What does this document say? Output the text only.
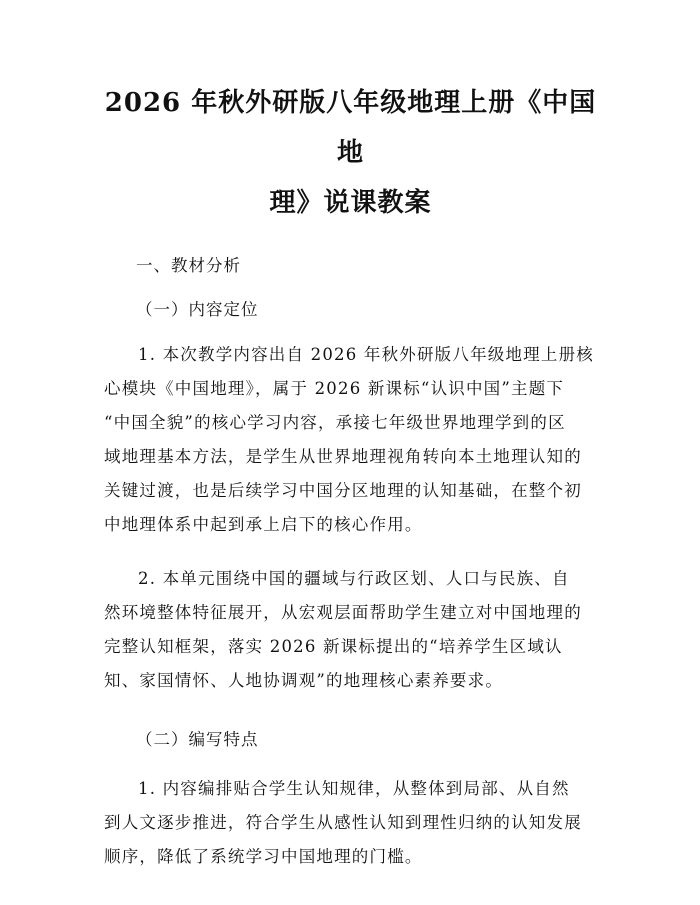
2026 年秋外研版八年级地理上册《中国地
理》说课教案

一、教材分析

（一）内容定位

1. 本次教学内容出自 2026 年秋外研版八年级地理上册核
心模块《中国地理》，属于 2026 新课标“认识中国”主题下
“中国全貌”的核心学习内容，承接七年级世界地理学到的区
域地理基本方法，是学生从世界地理视角转向本土地理认知的
关键过渡，也是后续学习中国分区地理的认知基础，在整个初
中地理体系中起到承上启下的核心作用。
2. 本单元围绕中国的疆域与行政区划、人口与民族、自
然环境整体特征展开，从宏观层面帮助学生建立对中国地理的
完整认知框架，落实 2026 新课标提出的“培养学生区域认
知、家国情怀、人地协调观”的地理核心素养要求。

（二）编写特点

1. 内容编排贴合学生认知规律，从整体到局部、从自然
到人文逐步推进，符合学生从感性认知到理性归纳的认知发展
顺序，降低了系统学习中国地理的门槛。
